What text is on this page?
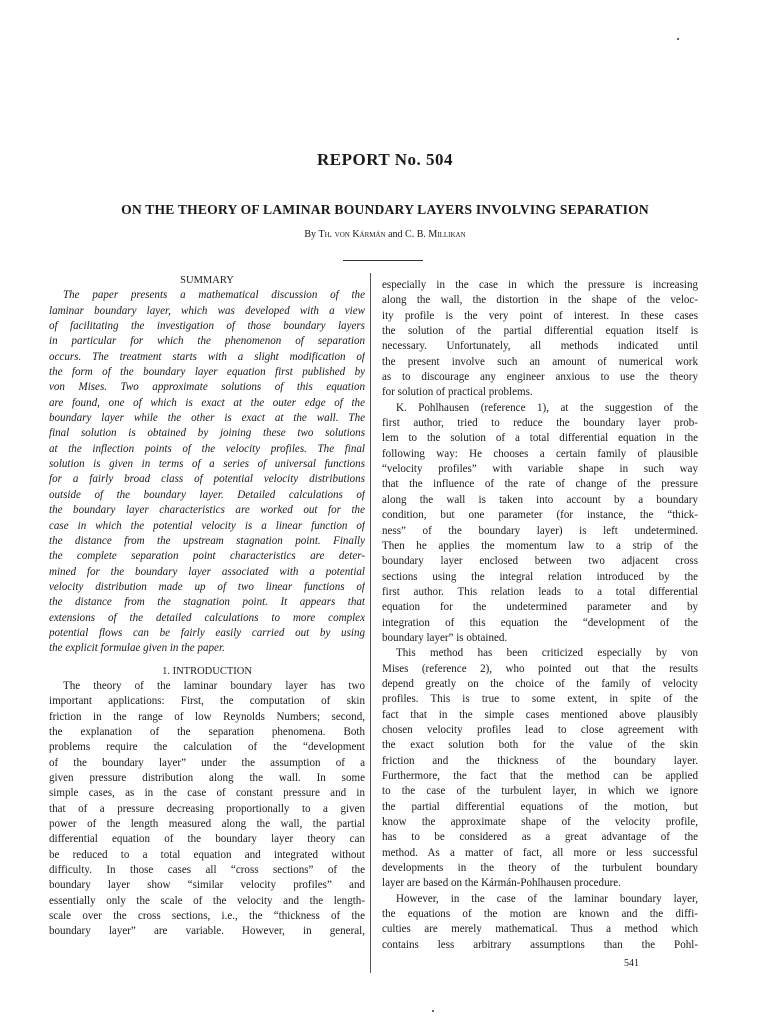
REPORT No. 504
ON THE THEORY OF LAMINAR BOUNDARY LAYERS INVOLVING SEPARATION
By Th. von Kármán and C. B. Millikan
SUMMARY
The paper presents a mathematical discussion of the
laminar boundary layer, which was developed with a view
of facilitating the investigation of those boundary layers
in particular for which the phenomenon of separation
occurs. The treatment starts with a slight modification of
the form of the boundary layer equation first published by
von Mises. Two approximate solutions of this equation
are found, one of which is exact at the outer edge of the
boundary layer while the other is exact at the wall. The
final solution is obtained by joining these two solutions
at the inflection points of the velocity profiles. The final
solution is given in terms of a series of universal functions
for a fairly broad class of potential velocity distributions
outside of the boundary layer. Detailed calculations of
the boundary layer characteristics are worked out for the
case in which the potential velocity is a linear function of
the distance from the upstream stagnation point. Finally
the complete separation point characteristics are deter-
mined for the boundary layer associated with a potential
velocity distribution made up of two linear functions of
the distance from the stagnation point. It appears that
extensions of the detailed calculations to more complex
potential flows can be fairly easily carried out by using
the explicit formulae given in the paper.
1. INTRODUCTION
The theory of the laminar boundary layer has two
important applications: First, the computation of skin
friction in the range of low Reynolds Numbers; second,
the explanation of the separation phenomena. Both
problems require the calculation of the “development
of the boundary layer” under the assumption of a
given pressure distribution along the wall. In some
simple cases, as in the case of constant pressure and in
that of a pressure decreasing proportionally to a given
power of the length measured along the wall, the partial
differential equation of the boundary layer theory can
be reduced to a total equation and integrated without
difficulty. In those cases all “cross sections” of the
boundary layer show “similar velocity profiles” and
essentially only the scale of the velocity and the length-
scale over the cross sections, i.e., the “thickness of the
boundary layer” are variable. However, in general,
especially in the case in which the pressure is increasing
along the wall, the distortion in the shape of the veloc-
ity profile is the very point of interest. In these cases
the solution of the partial differential equation itself is
necessary. Unfortunately, all methods indicated until
the present involve such an amount of numerical work
as to discourage any engineer anxious to use the theory
for solution of practical problems.
K. Pohlhausen (reference 1), at the suggestion of the
first author, tried to reduce the boundary layer prob-
lem to the solution of a total differential equation in the
following way: He chooses a certain family of plausible
“velocity profiles” with variable shape in such way
that the influence of the rate of change of the pressure
along the wall is taken into account by a boundary
condition, but one parameter (for instance, the “thick-
ness” of the boundary layer) is left undetermined.
Then he applies the momentum law to a strip of the
boundary layer enclosed between two adjacent cross
sections using the integral relation introduced by the
first author. This relation leads to a total differential
equation for the undetermined parameter and by
integration of this equation the “development of the
boundary layer” is obtained.
This method has been criticized especially by von
Mises (reference 2), who pointed out that the results
depend greatly on the choice of the family of velocity
profiles. This is true to some extent, in spite of the
fact that in the simple cases mentioned above plausibly
chosen velocity profiles lead to close agreement with
the exact solution both for the value of the skin
friction and the thickness of the boundary layer.
Furthermore, the fact that the method can be applied
to the case of the turbulent layer, in which we ignore
the partial differential equations of the motion, but
know the approximate shape of the velocity profile,
has to be considered as a great advantage of the
method. As a matter of fact, all more or less successful
developments in the theory of the turbulent boundary
layer are based on the Kármán-Pohlhausen procedure.
However, in the case of the laminar boundary layer,
the equations of the motion are known and the diffi-
culties are merely mathematical. Thus a method which
contains less arbitrary assumptions than the Pohl-
541
